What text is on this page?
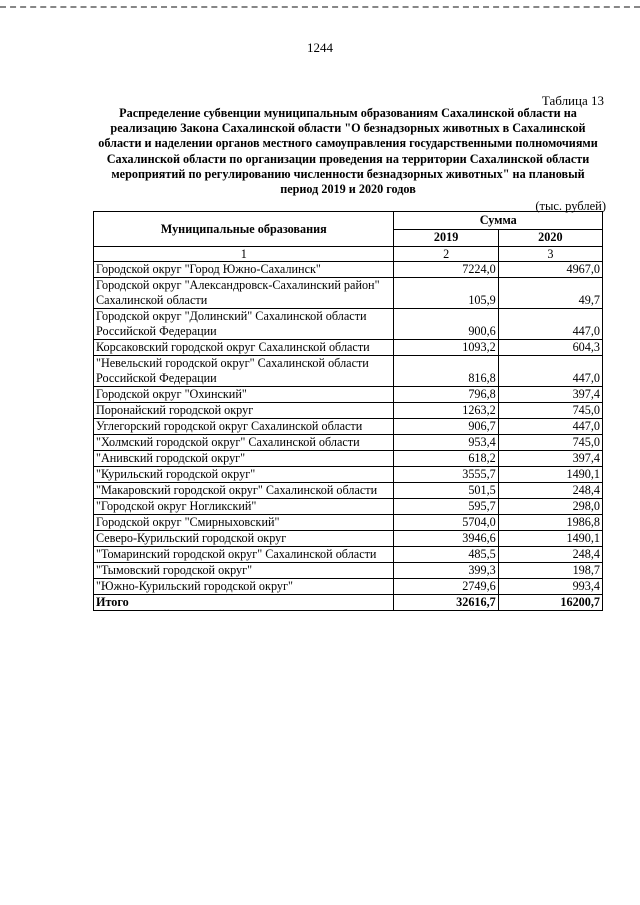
1244
Таблица 13
Распределение субвенции муниципальным образованиям Сахалинской области на реализацию Закона Сахалинской области "О безнадзорных животных в Сахалинской области и наделении органов местного самоуправления государственными полномочиями Сахалинской области по организации проведения на территории Сахалинской области мероприятий по регулированию численности безнадзорных животных" на плановый период 2019 и 2020 годов
(тыс. рублей)
Муниципальные образования	Сумма	
	2019	2020
1	2	3
Городской округ "Город Южно-Сахалинск"	7224,0	4967,0
Городской округ "Александровск-Сахалинский район" Сахалинской области	105,9	49,7
Городской округ "Долинский" Сахалинской области Российской Федерации	900,6	447,0
Корсаковский городской округ Сахалинской области	1093,2	604,3
"Невельский городской округ" Сахалинской области Российской Федерации	816,8	447,0
Городской округ "Охинский"	796,8	397,4
Поронайский городской округ	1263,2	745,0
Углегорский городской округ Сахалинской области	906,7	447,0
"Холмский городской округ" Сахалинской области	953,4	745,0
"Анивский городской округ"	618,2	397,4
"Курильский городской округ"	3555,7	1490,1
"Макаровский городской округ" Сахалинской области	501,5	248,4
"Городской округ Ногликский"	595,7	298,0
Городской округ "Смирныховский"	5704,0	1986,8
Северо-Курильский городской округ	3946,6	1490,1
"Томаринский городской округ" Сахалинской области	485,5	248,4
"Тымовский городской округ"	399,3	198,7
"Южно-Курильский городской округ"	2749,6	993,4
Итого	32616,7	16200,7
